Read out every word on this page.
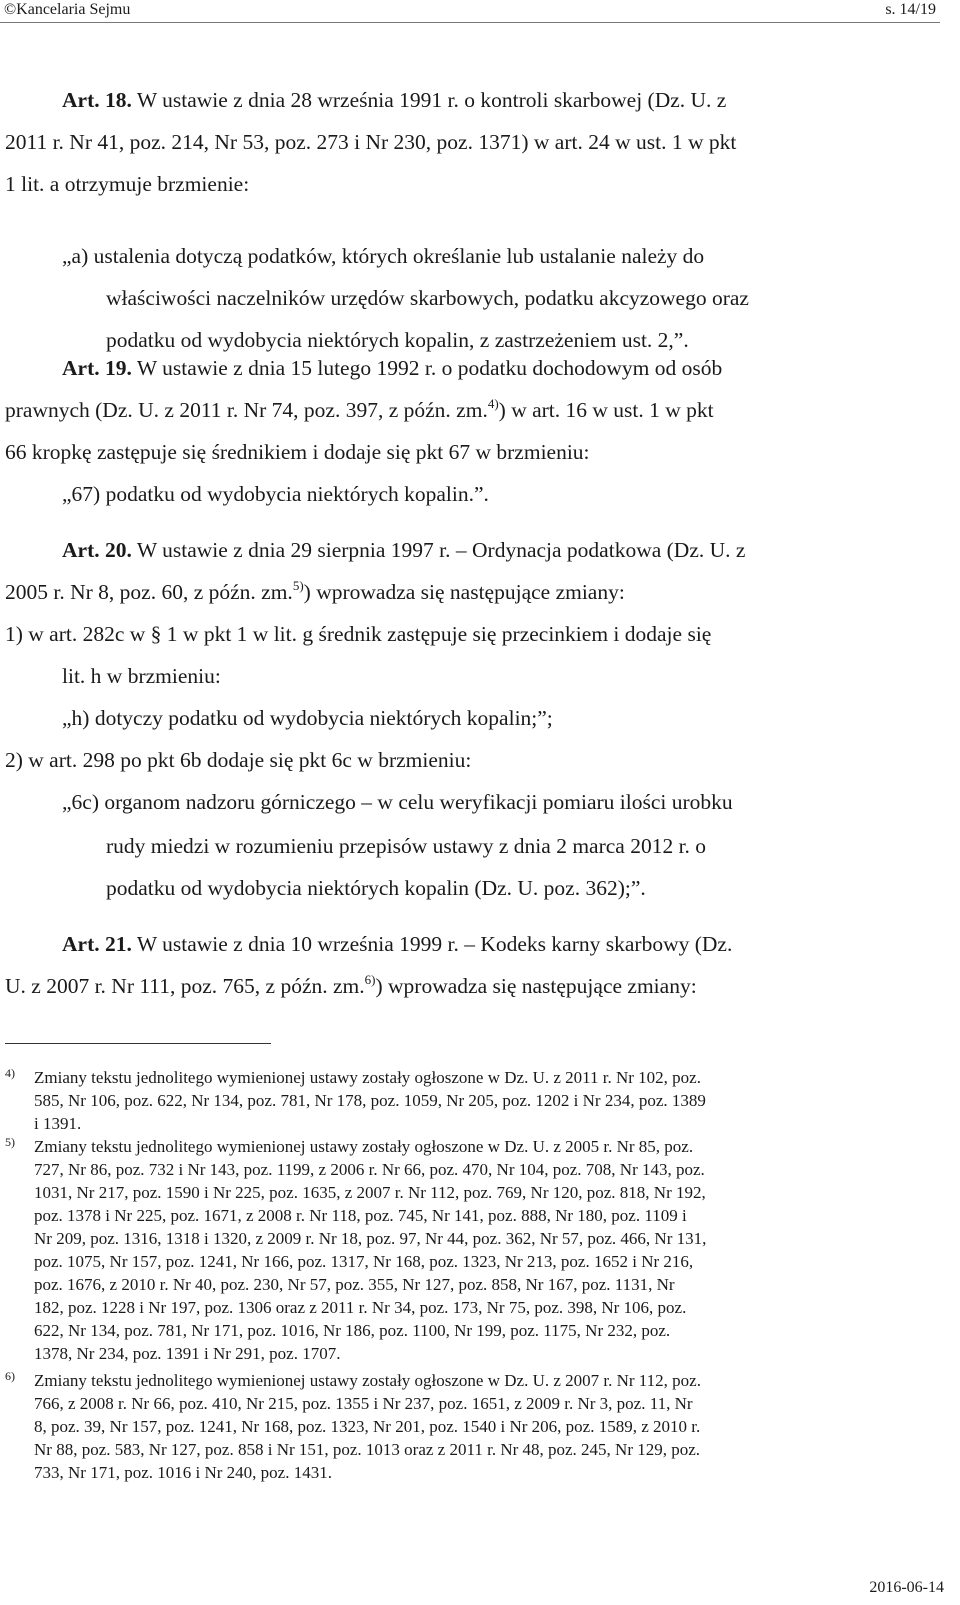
©Kancelaria Sejmu	s. 14/19
Art. 18. W ustawie z dnia 28 września 1991 r. o kontroli skarbowej (Dz. U. z
2011 r. Nr 41, poz. 214, Nr 53, poz. 273 i Nr 230, poz. 1371) w art. 24 w ust. 1 w pkt
1 lit. a otrzymuje brzmienie:
„a) ustalenia dotyczą podatków, których określanie lub ustalanie należy do
właściwości naczelników urzędów skarbowych, podatku akcyzowego oraz
podatku od wydobycia niektórych kopalin, z zastrzeżeniem ust. 2,”.
Art. 19. W ustawie z dnia 15 lutego 1992 r. o podatku dochodowym od osób
prawnych (Dz. U. z 2011 r. Nr 74, poz. 397, z późn. zm.$^{4)}$) w art. 16 w ust. 1 w pkt
66 kropkę zastępuje się średnikiem i dodaje się pkt 67 w brzmieniu:
„67) podatku od wydobycia niektórych kopalin.”.
Art. 20. W ustawie z dnia 29 sierpnia 1997 r. – Ordynacja podatkowa (Dz. U. z
2005 r. Nr 8, poz. 60, z późn. zm.$^{5)}$) wprowadza się następujące zmiany:
1) w art. 282c w § 1 w pkt 1 w lit. g średnik zastępuje się przecinkiem i dodaje się
lit. h w brzmieniu:
„h) dotyczy podatku od wydobycia niektórych kopalin;”;
2) w art. 298 po pkt 6b dodaje się pkt 6c w brzmieniu:
„6c) organom nadzoru górniczego – w celu weryfikacji pomiaru ilości urobku
rudy miedzi w rozumieniu przepisów ustawy z dnia 2 marca 2012 r. o
podatku od wydobycia niektórych kopalin (Dz. U. poz. 362);”.
Art. 21. W ustawie z dnia 10 września 1999 r. – Kodeks karny skarbowy (Dz.
U. z 2007 r. Nr 111, poz. 765, z późn. zm.$^{6)}$) wprowadza się następujące zmiany:
4) Zmiany tekstu jednolitego wymienionej ustawy zostały ogłoszone w Dz. U. z 2011 r. Nr 102, poz.
585, Nr 106, poz. 622, Nr 134, poz. 781, Nr 178, poz. 1059, Nr 205, poz. 1202 i Nr 234, poz. 1389
i 1391.
5) Zmiany tekstu jednolitego wymienionej ustawy zostały ogłoszone w Dz. U. z 2005 r. Nr 85, poz.
727, Nr 86, poz. 732 i Nr 143, poz. 1199, z 2006 r. Nr 66, poz. 470, Nr 104, poz. 708, Nr 143, poz.
1031, Nr 217, poz. 1590 i Nr 225, poz. 1635, z 2007 r. Nr 112, poz. 769, Nr 120, poz. 818, Nr 192,
poz. 1378 i Nr 225, poz. 1671, z 2008 r. Nr 118, poz. 745, Nr 141, poz. 888, Nr 180, poz. 1109 i
Nr 209, poz. 1316, 1318 i 1320, z 2009 r. Nr 18, poz. 97, Nr 44, poz. 362, Nr 57, poz. 466, Nr 131,
poz. 1075, Nr 157, poz. 1241, Nr 166, poz. 1317, Nr 168, poz. 1323, Nr 213, poz. 1652 i Nr 216,
poz. 1676, z 2010 r. Nr 40, poz. 230, Nr 57, poz. 355, Nr 127, poz. 858, Nr 167, poz. 1131, Nr
182, poz. 1228 i Nr 197, poz. 1306 oraz z 2011 r. Nr 34, poz. 173, Nr 75, poz. 398, Nr 106, poz.
622, Nr 134, poz. 781, Nr 171, poz. 1016, Nr 186, poz. 1100, Nr 199, poz. 1175, Nr 232, poz.
1378, Nr 234, poz. 1391 i Nr 291, poz. 1707.
6) Zmiany tekstu jednolitego wymienionej ustawy zostały ogłoszone w Dz. U. z 2007 r. Nr 112, poz.
766, z 2008 r. Nr 66, poz. 410, Nr 215, poz. 1355 i Nr 237, poz. 1651, z 2009 r. Nr 3, poz. 11, Nr
8, poz. 39, Nr 157, poz. 1241, Nr 168, poz. 1323, Nr 201, poz. 1540 i Nr 206, poz. 1589, z 2010 r.
Nr 88, poz. 583, Nr 127, poz. 858 i Nr 151, poz. 1013 oraz z 2011 r. Nr 48, poz. 245, Nr 129, poz.
733, Nr 171, poz. 1016 i Nr 240, poz. 1431.
2016-06-14
